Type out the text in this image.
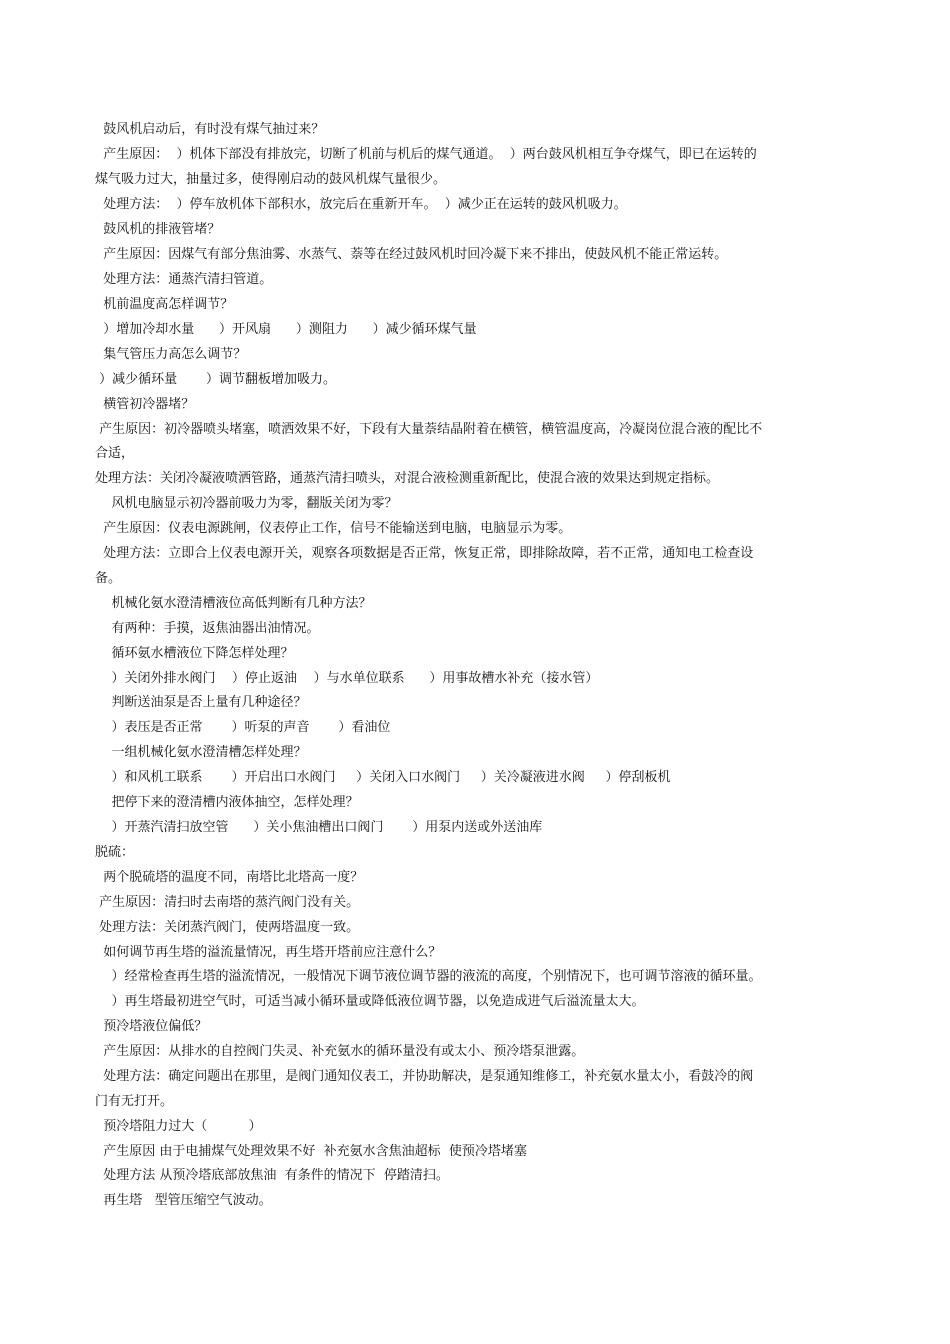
鼓风机启动后，有时没有煤气抽过来？
产生原因：  ）机体下部没有排放完，切断了机前与机后的煤气通道。  ）两台鼓风机相互争夺煤气，即已在运转的
煤气吸力过大，抽量过多，使得刚启动的鼓风机煤气量很少。
处理方法：  ）停车放机体下部积水，放完后在重新开车。  ）减少正在运转的鼓风机吸力。
鼓风机的排液管堵？
产生原因：因煤气有部分焦油雾、水蒸气、萘等在经过鼓风机时回冷凝下来不排出，使鼓风机不能正常运转。
处理方法：通蒸汽清扫管道。
机前温度高怎样调节？
）增加冷却水量      ）开风扇      ）测阻力      ）减少循环煤气量
集气管压力高怎么调节？
）减少循环量       ）调节翻板增加吸力。
横管初冷器堵？
产生原因：初冷器喷头堵塞，喷洒效果不好，下段有大量萘结晶附着在横管，横管温度高，冷凝岗位混合液的配比不
合适，
处理方法：关闭冷凝液喷洒管路，通蒸汽清扫喷头，对混合液检测重新配比，使混合液的效果达到规定指标。
风机电脑显示初冷器前吸力为零，翻版关闭为零？
产生原因：仪表电源跳闸，仪表停止工作，信号不能输送到电脑，电脑显示为零。
处理方法：立即合上仪表电源开关，观察各项数据是否正常，恢复正常，即排除故障，若不正常，通知电工检查设
备。
机械化氨水澄清槽液位高低判断有几种方法？
有两种：手摸，返焦油器出油情况。
循环氨水槽液位下降怎样处理？
）关闭外排水阀门    ）停止返油    ）与水单位联系      ）用事故槽水补充（接水管）
判断送油泵是否上量有几种途径？
）表压是否正常       ）听泵的声音       ）看油位
一组机械化氨水澄清槽怎样处理？
）和风机工联系       ）开启出口水阀门     ）关闭入口水阀门     ）关冷凝液进水阀     ）停刮板机
把停下来的澄清槽内液体抽空，怎样处理？
）开蒸汽清扫放空管      ）关小焦油槽出口阀门       ）用泵内送或外送油库
脱硫：
两个脱硫塔的温度不同，南塔比北塔高一度？
产生原因：清扫时去南塔的蒸汽阀门没有关。
处理方法：关闭蒸汽阀门，使两塔温度一致。
如何调节再生塔的溢流量情况，再生塔开塔前应注意什么？
）经常检查再生塔的溢流情况，一般情况下调节液位调节器的液流的高度，个别情况下，也可调节溶液的循环量。
）再生塔最初进空气时，可适当减小循环量或降低液位调节器，以免造成进气后溢流量太大。
预冷塔液位偏低？
产生原因：从排水的自控阀门失灵、补充氨水的循环量没有或太小、预冷塔泵泄露。
处理方法：确定问题出在那里，是阀门通知仪表工，并协助解决，是泵通知维修工，补充氨水量太小，看鼓冷的阀
门有无打开。
预冷塔阻力过大（          ）
产生原因 由于电捕煤气处理效果不好  补充氨水含焦油超标  使预冷塔堵塞
处理方法 从预冷塔底部放焦油  有条件的情况下  停踏清扫。
再生塔   型管压缩空气波动。
